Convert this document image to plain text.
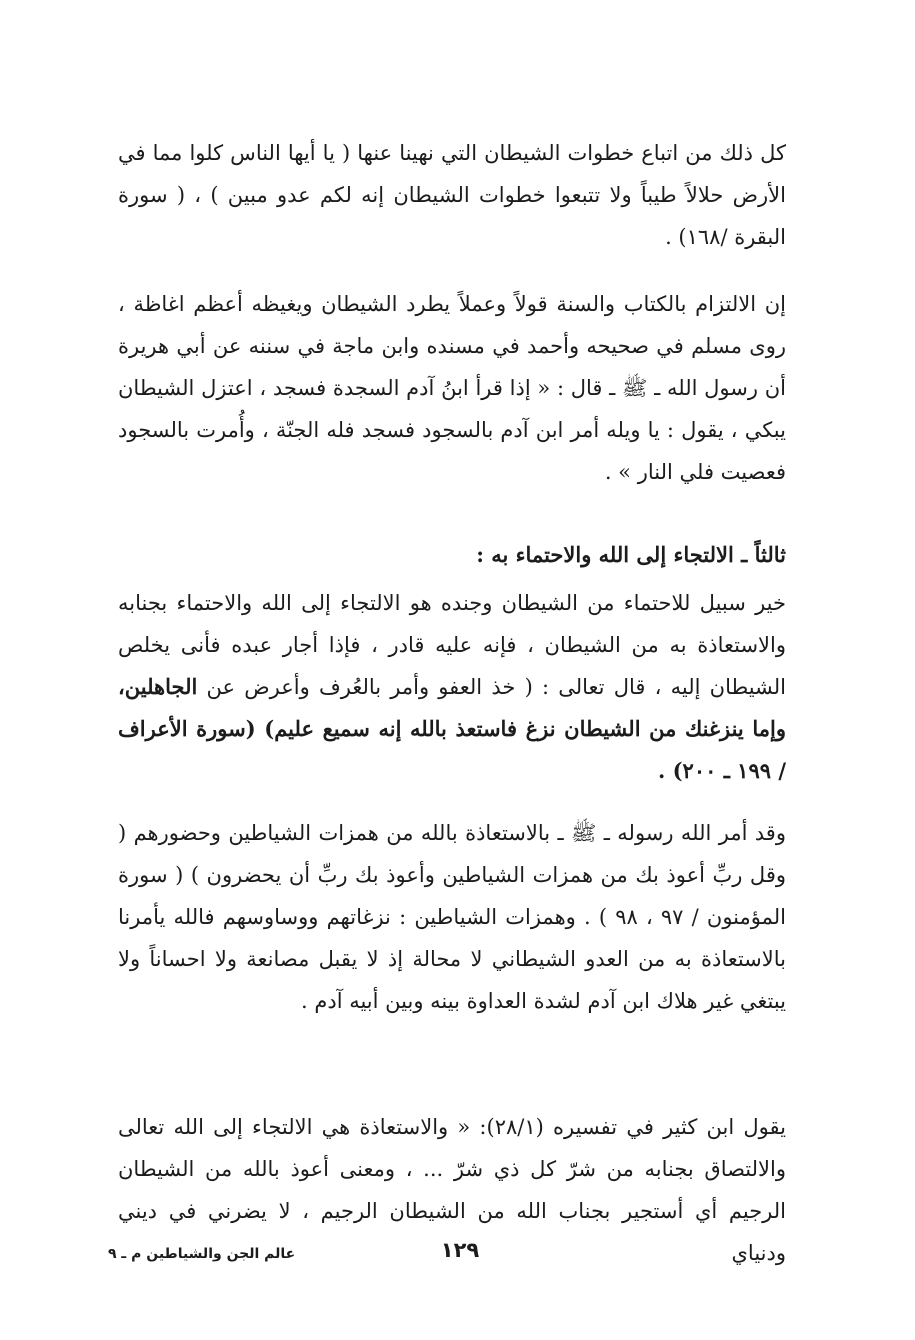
كل ذلك من اتباع خطوات الشيطان التي نهينا عنها ( يا أيها الناس كلوا مما في الأرض حلالاً طيباً ولا تتبعوا خطوات الشيطان إنه لكم عدو مبين ) ، ( سورة البقرة /١٦٨) .

إن الالتزام بالكتاب والسنة قولاً وعملاً يطرد الشيطان ويغيظه أعظم اغاظة ، روى مسلم في صحيحه وأحمد في مسنده وابن ماجة في سننه عن أبي هريرة أن رسول الله ـ ﷺ ـ قال : « إذا قرأ ابنُ آدم السجدة فسجد ، اعتزل الشيطان يبكي ، يقول : يا ويله أمر ابن آدم بالسجود فسجد فله الجنّة ، وأُمرت بالسجود فعصيت فلي النار » .

ثالثاً ـ الالتجاء إلى الله والاحتماء به :

خير سبيل للاحتماء من الشيطان وجنده هو الالتجاء إلى الله والاحتماء بجنابه والاستعاذة به من الشيطان ، فإنه عليه قادر ، فإذا أجار عبده فأنى يخلص الشيطان إليه ، قال تعالى : ( خذ العفو وأمر بالعُرف وأعرض عن الجاهلين، وإما ينزغنك من الشيطان نزغ فاستعذ بالله إنه سميع عليم) (سورة الأعراف / ١٩٩ ـ ٢٠٠) .

وقد أمر الله رسوله ـ ﷺ ـ بالاستعاذة بالله من همزات الشياطين وحضورهم ( وقل ربِّ أعوذ بك من همزات الشياطين وأعوذ بك ربِّ أن يحضرون ) ( سورة المؤمنون / ٩٧ ، ٩٨ ) . وهمزات الشياطين : نزغاتهم ووساوسهم فالله يأمرنا بالاستعاذة به من العدو الشيطاني لا محالة إذ لا يقبل مصانعة ولا احساناً ولا يبتغي غير هلاك ابن آدم لشدة العداوة بينه وبين أبيه آدم .

يقول ابن كثير في تفسيره (٢٨/١): « والاستعاذة هي الالتجاء إلى الله تعالى والالتصاق بجنابه من شرّ كل ذي شرّ ... ، ومعنى أعوذ بالله من الشيطان الرجيم أي أستجير بجناب الله من الشيطان الرجيم ، لا يضرني في ديني ودنياي

١٢٩
عالم الجن والشياطين م ـ ٩
